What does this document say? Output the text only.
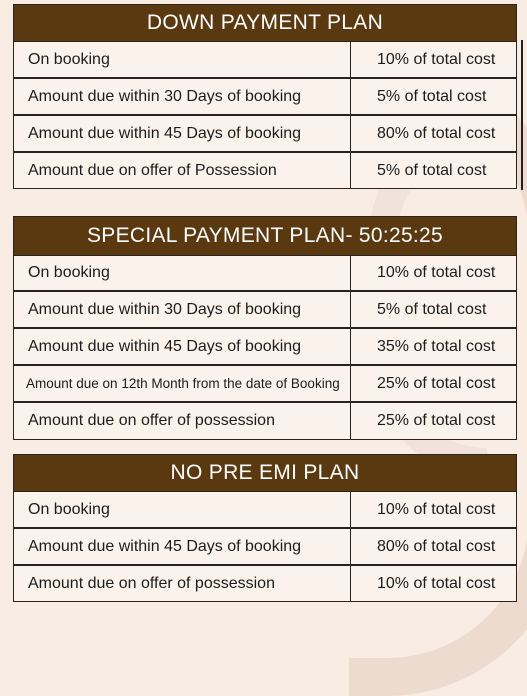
DOWN PAYMENT PLAN
On booking	10% of total cost
Amount due within 30 Days of booking	5% of total cost
Amount due within 45 Days of booking	80% of total cost
Amount due on offer of Possession	5% of total cost
SPECIAL PAYMENT PLAN- 50:25:25
On booking	10% of total cost
Amount due within 30 Days of booking	5% of total cost
Amount due within 45 Days of booking	35% of total cost
Amount due on 12th Month from the date of Booking	25% of total cost
Amount due on offer of possession	25% of total cost
NO PRE EMI PLAN
On booking	10% of total cost
Amount due within 45 Days of booking	80% of total cost
Amount due on offer of possession	10% of total cost
